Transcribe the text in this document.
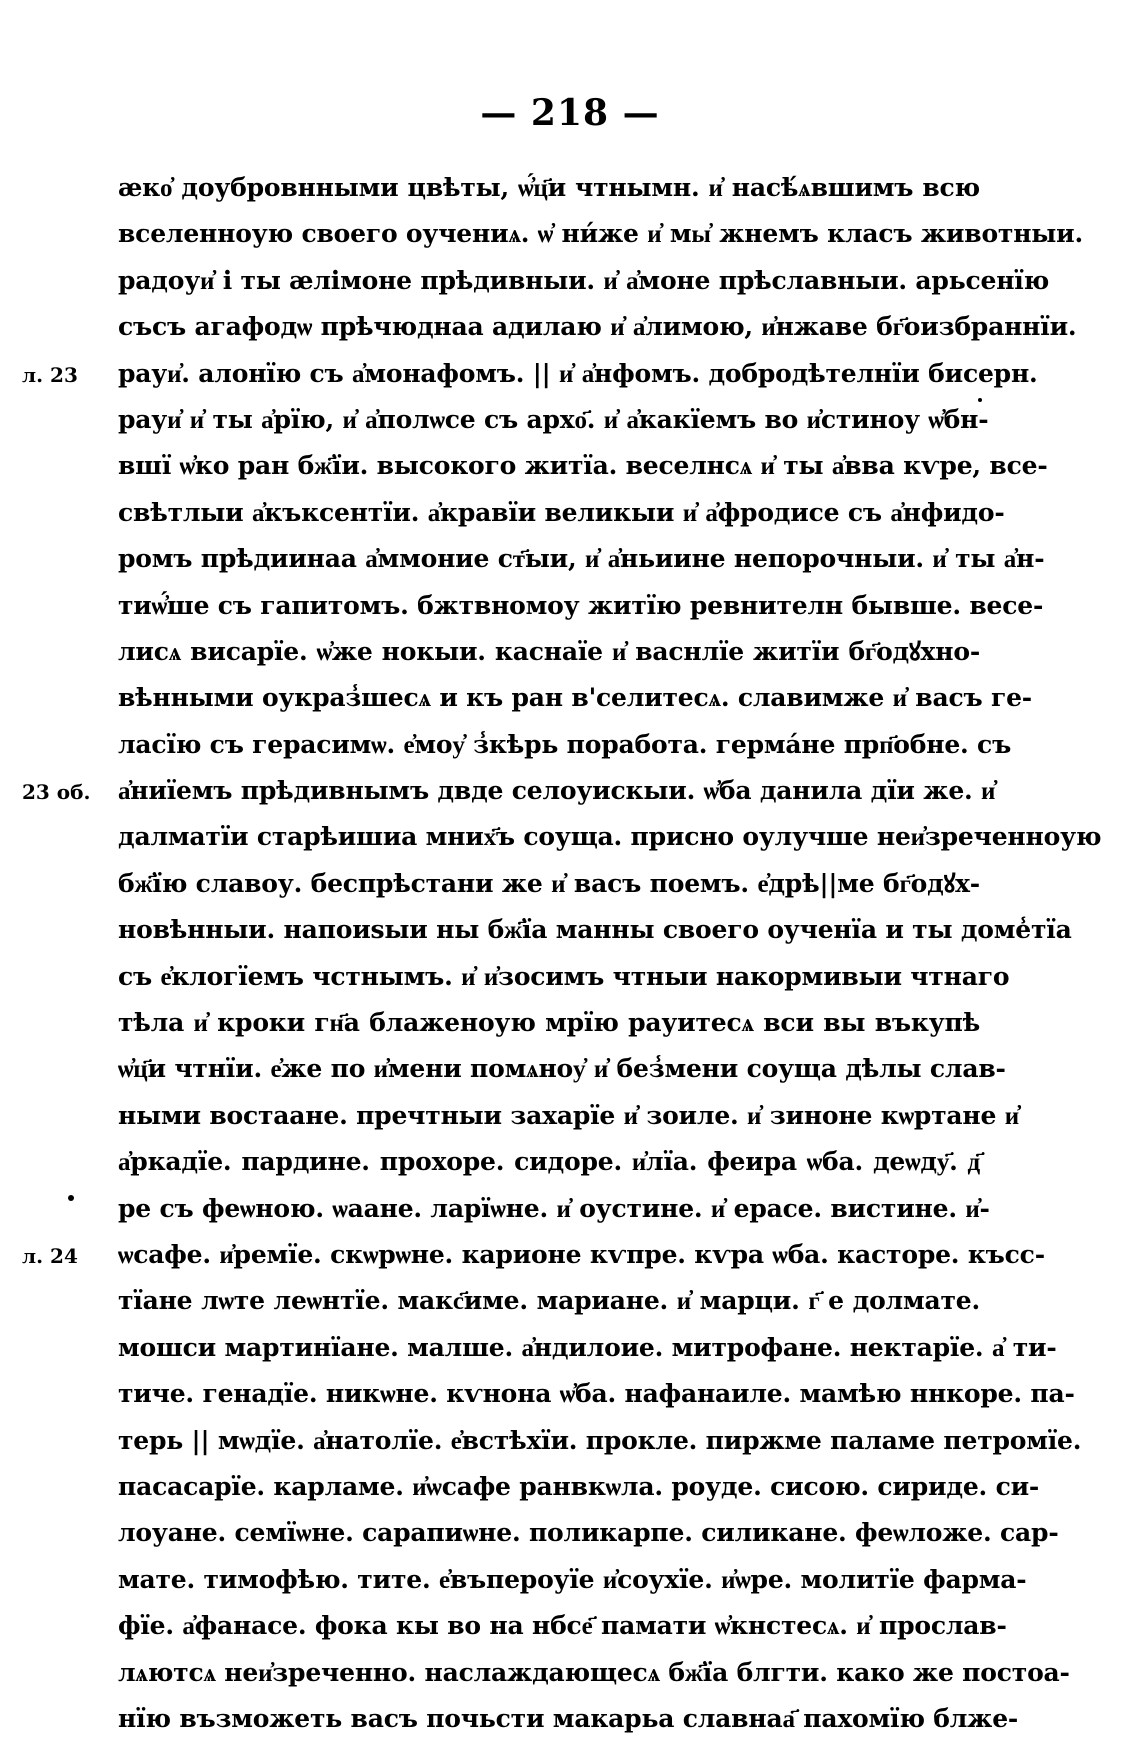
— 218 —
ӕко҆ доубровнными цвѣты, ѡ҆́ц҃и чтнымн. и҆ насѣ́ѧвшимъ всю
вселенноую своего оучениѧ. ѡ҆ ни́же и҆ мы҆ жнемъ класъ животныи.
радоуи҆ і ты ӕлімоне прѣдивныи. и҆ а҆моне прѣславныи. арьсенїю
съсъ агафодѡ прѣчюднаа адилаю и҆ а҆лимою, и҆нжаве бг҃оизбраннїи.
рауи҆. алонїю съ а҆монафомъ. || и҆ а҆нфомъ. добродѣтелнїи бисерн.
рауи҆ и҆ ты а҆рїю, и҆ а҆полѡсе съ архо҃. и҆ а҆какїемъ во и҆стиноу ѡ҆бн-
вшї ѡ҆ко ран бж҃їи. высокого житїа. веселнсѧ и҆ ты а҆вва кѵре, все-
свѣтлыи а҆къксентїи. а҆кравїи великыи и҆ а҆фродисе съ а҆нфидо-
ромъ прѣдиинаа а҆ммоние ст҃ыи, и҆ а҆ньиине непорочныи. и҆ ты а҆н-
тиѡ҆́ше съ гапитомъ. бжтвномоу житїю ревнителн бывше. весе-
лисѧ висарїе. ѡ҆же нокыи. каснаїе и҆ васнлїе житїи бг҃одꙋхно-
вѣнными оукраз̾шесѧ и къ ран в'селитесѧ. славимже и҆ васъ ге-
ласїю съ герасимѡ. е҆моу҆ з̾кѣрь поработа. гермáне прп҃обне. съ
а҆ниїемъ прѣдивнымъ двде селоуискыи. ѡ҆ба данила дїи же. и҆
далматїи старѣишиа мних҃ъ соуща. присно оулучше неи҆зреченноую
бж҃їю славоу. беспрѣстани же и҆ васъ поемъ. е҆дрѣ||ме бг҃одꙋх-
новѣнныи. напоиѕыи ны бж҃їа манны своего оученїа и ты доме̾тїа
съ е҆клогїемъ чстнымъ. и҆ и҆зосимъ чтныи накормивыи чтнаго
тѣла и҆ кроки гн҃а блаженоую мрїю рауитесѧ вси вы въкупѣ
ѡ҆ц҃и чтнїи. е҆же по и҆мени помѧноу҆ и҆ без̾мени соуща дѣлы слав-
ными востаане. пречтныи захарїе и҆ зоиле. и҆ зинонe кѡртане и҆
а҆ркадїе. пардине. прохоре. сидоре. и҆лїа. феира ѡба. деѡду҃. д҃
ре съ феѡною. ѡаане. ларїѡне. и҆ оустине. и҆ ерасе. вистине. и҆-
ѡсафе. и҆ремїе. скѡрѡне. карионе кѵпре. кѵра ѡба. касторе. късс-
тїане лѡте леѡнтїе. макс҃име. мариане. и҆ марци. г҃ е долмате.
мошси мартинїане. малше. а҆ндилоие. митрофане. нектарїе. а҆ ти-
тиче. генадїе. никѡне. кѵнона ѡ҆ба. нафанаиле. мамѣю ннкоре. па-
терь || мѡдїе. а҆натолїе. е҆встѣхїи. прокле. пиржме паламе петромїе.
пасасарїе. карламе. и҆ѡсафе ранвкѡла. роуде. сисою. сиридe. си-
лоуане. семїѡне. сарапиѡне. поликарпе. силикане. феѡложе. сар-
мате. тимофѣю. тите. е҆въпероуїе и҆соухїе. и҆ѡре. молитїе фарма-
фїе. а҆фанасе. фока кы во на нбсе҃ памати ѡ҆кнстесѧ. и҆ прослав-
лѧютсѧ неи҆зреченно. наслаждающесѧ бж҃їа блгти. како же постоа-
нїю възможеть васъ почьсти макарьа славнаа҃ пахомїю блже-
л. 23
23 об.
л. 24
